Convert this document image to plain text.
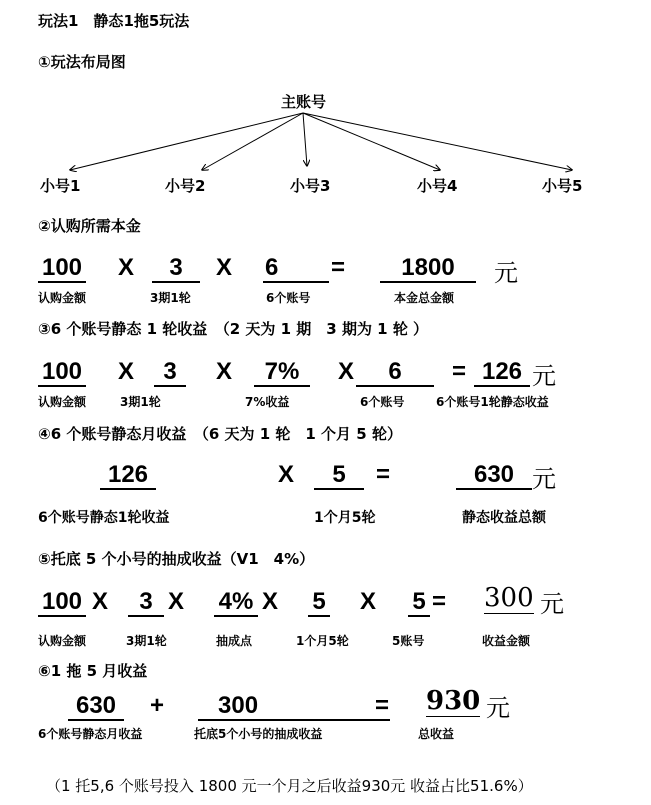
玩法1　静态1拖5玩法
①玩法布局图
主账号
小号1	小号2	小号3	小号4	小号5
②认购所需本金
100 X	3	X 6	=	1800	元
认购金额	3期1轮	6个账号	本金总金额
③6 个账号静态 1 轮收益　（2 天为 1 期　3 期为 1 轮 ）
100 X	3	X	7%	X	6	= 126 元
认购金额	3期1轮	7%收益	6个账号	6个账号1轮静态收益
④6 个账号静态月收益　（6 天为 1 轮　1 个月 5 轮）
126	X	5	=	630 元
6个账号静态1轮收益	1个月5轮	静态收益总额
⑤托底 5 个小号的抽成收益（V1　4%）
100 X	3 X 4% X 5 X 5 = 300 元
认购金额	3期1轮	抽成点	1个月5轮	5账号	收益金额
⑥1 拖 5 月收益
630	+	300	= 930 元
6个账号静态月收益	托底5个小号的抽成收益	总收益
（1 托5,6 个账号投入 1800 元一个月之后收益930元 收益占比51.6%）
